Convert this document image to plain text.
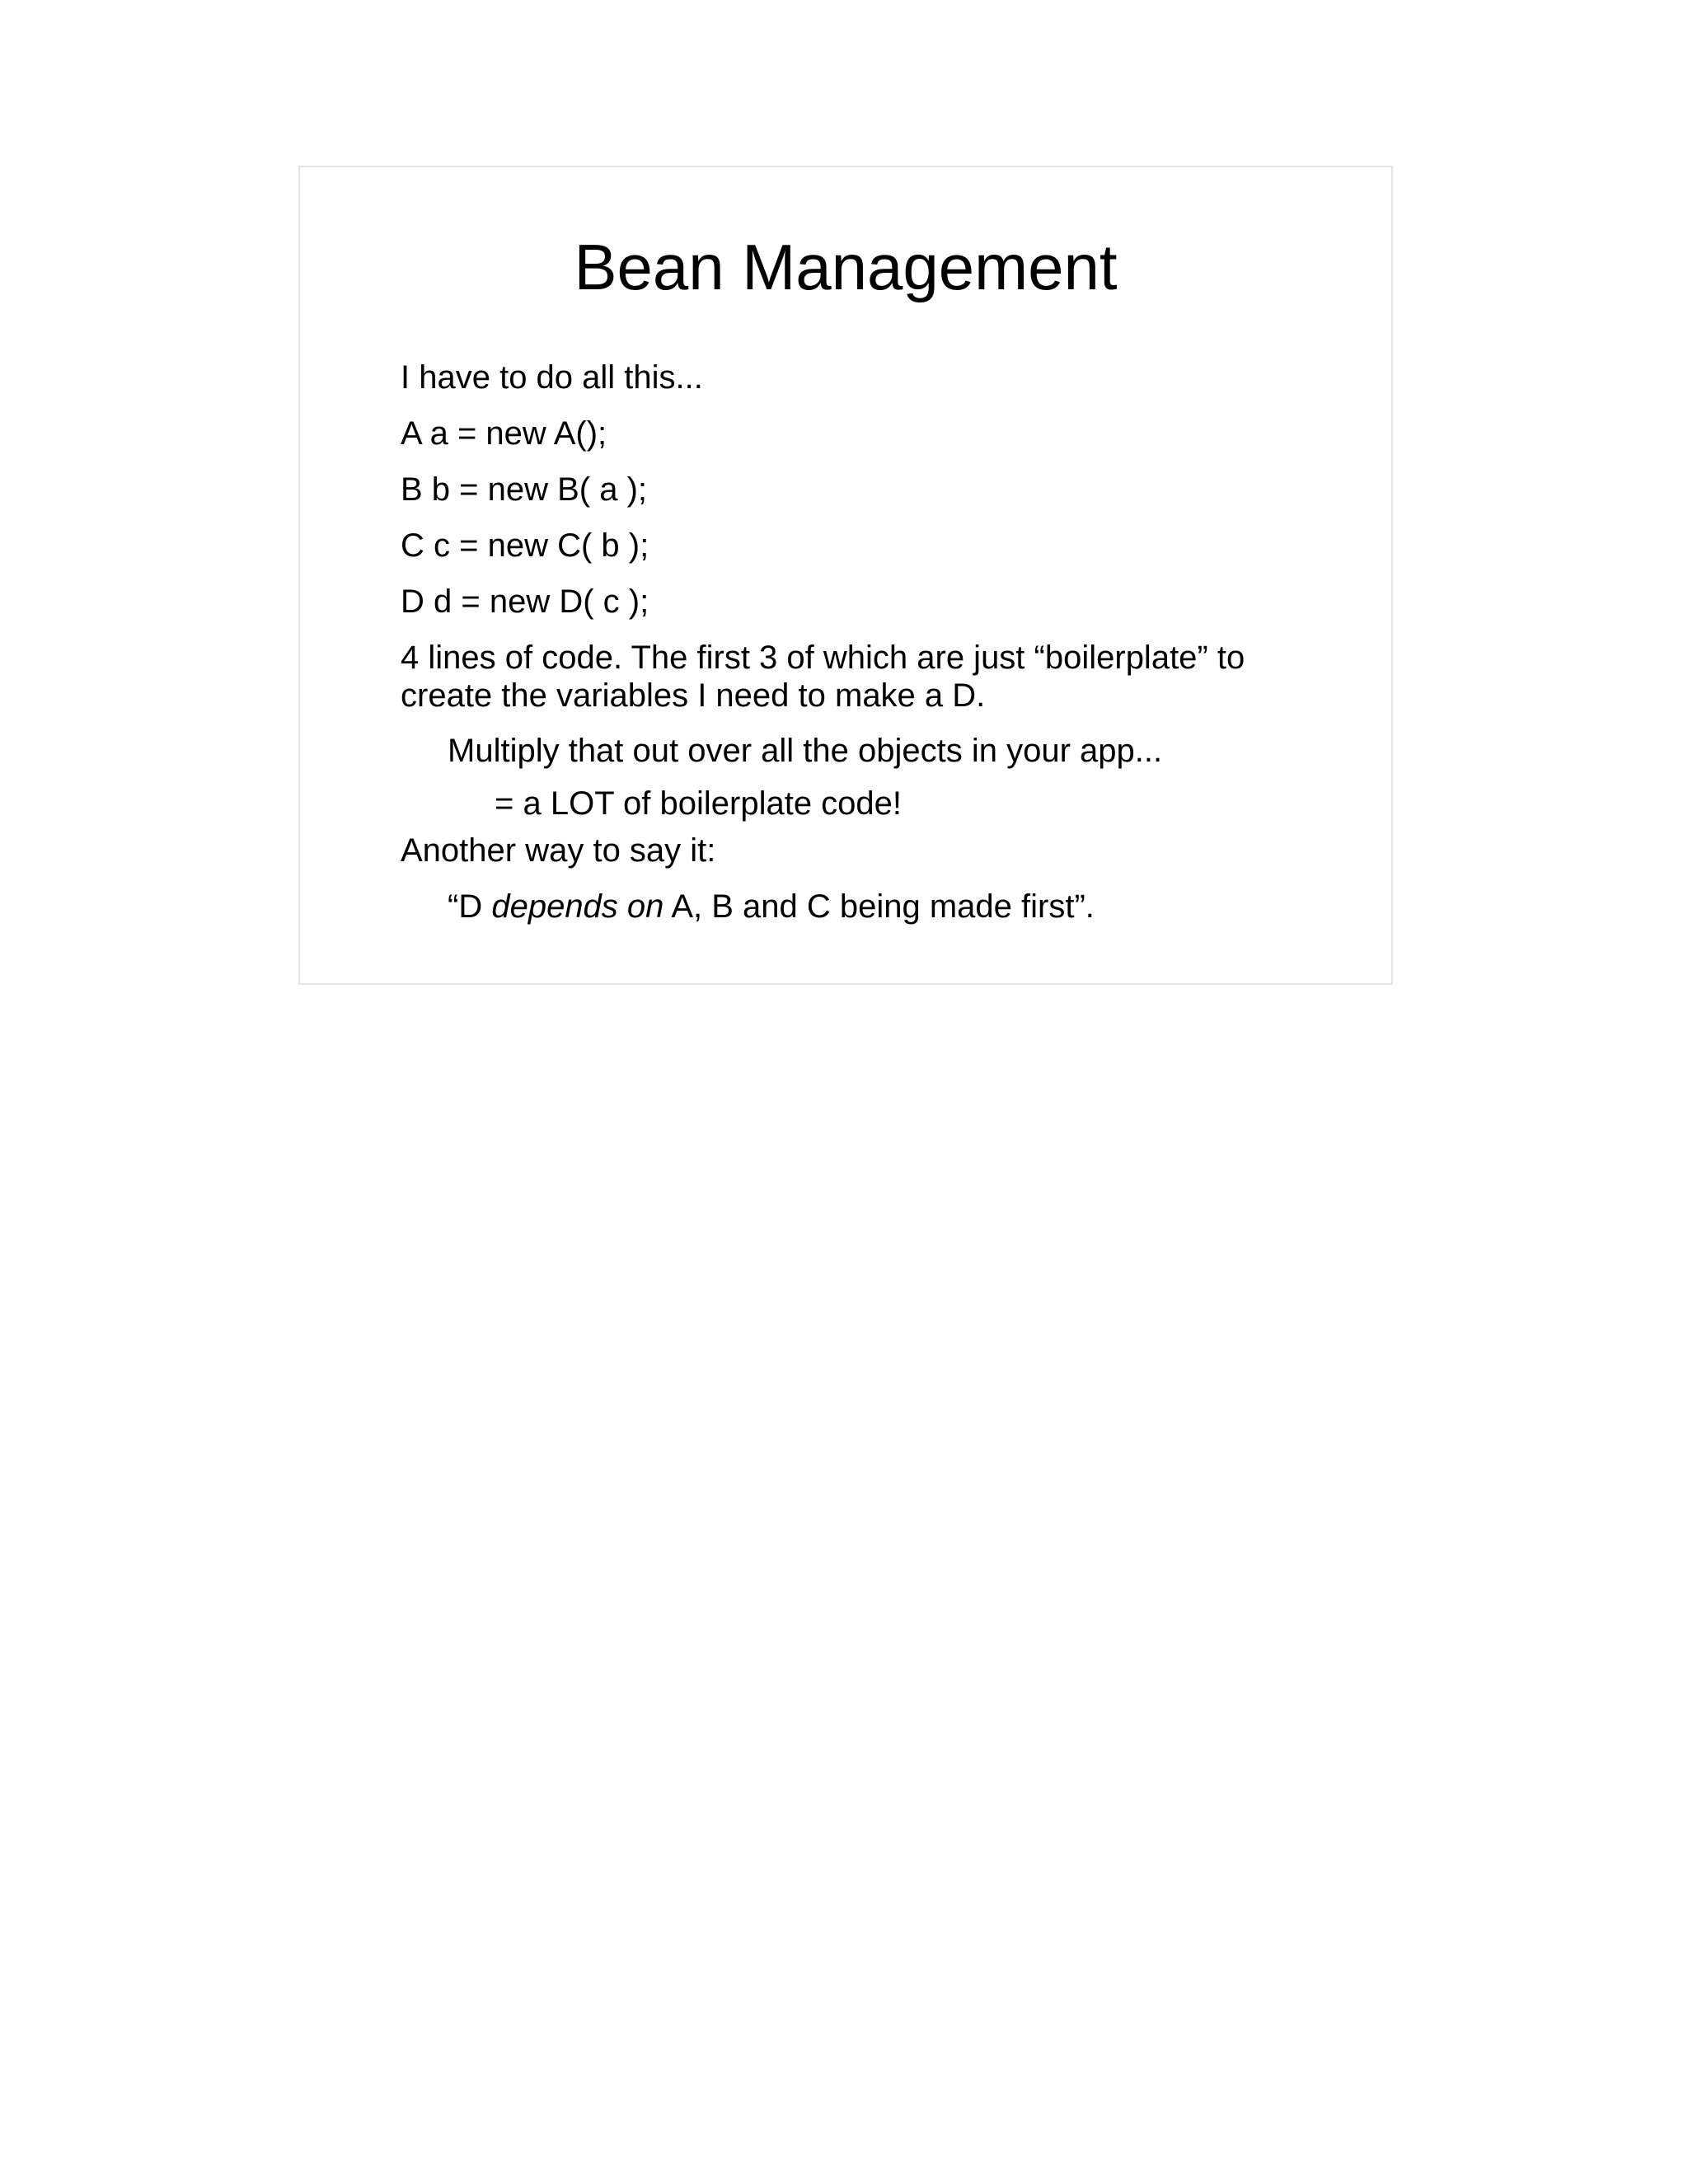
Bean Management

I have to do all this...

A a = new A();

B b = new B( a );

C c = new C( b );

D d = new D( c );

4 lines of code. The first 3 of which are just “boilerplate” to create the variables I need to make a D.

Multiply that out over all the objects in your app...

= a LOT of boilerplate code!

Another way to say it:

“D depends on A, B and C being made first”.
